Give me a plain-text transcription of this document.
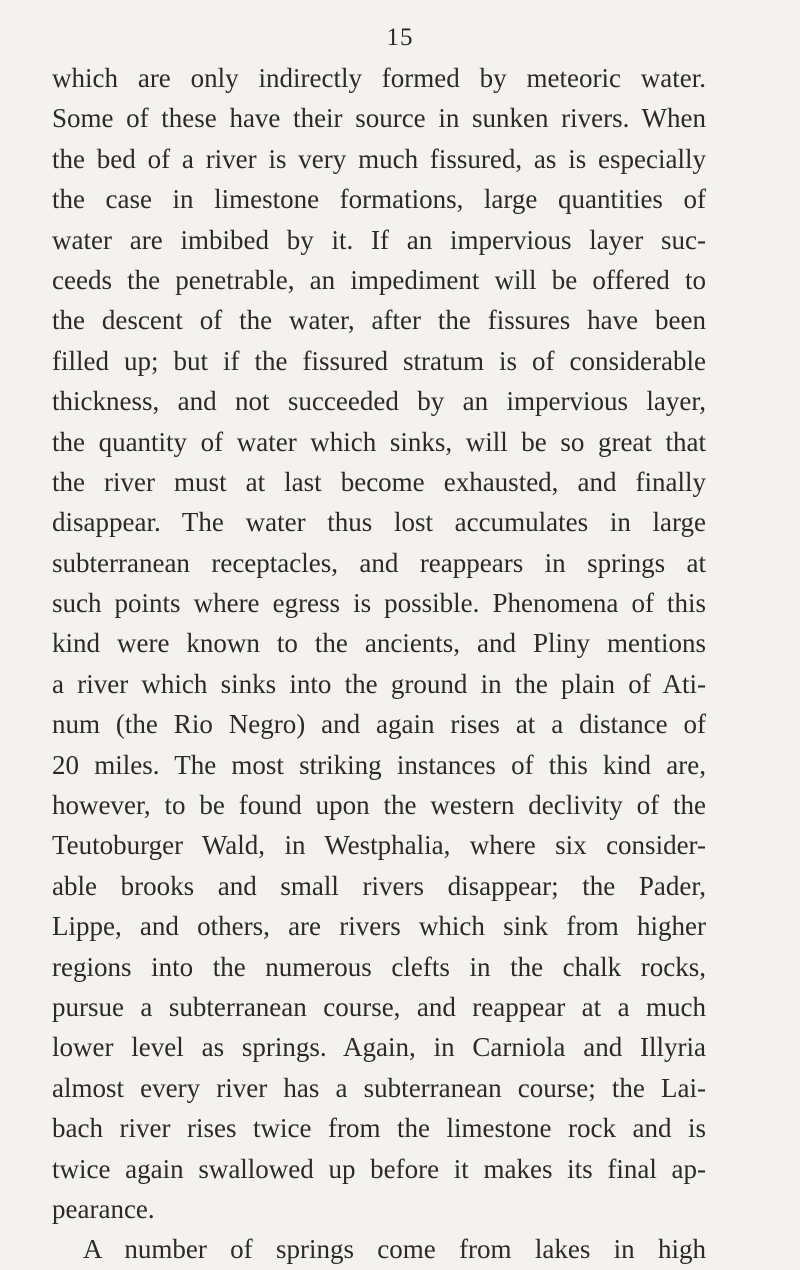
15
which are only indirectly formed by meteoric water.
Some of these have their source in sunken rivers. When
the bed of a river is very much fissured, as is especially
the case in limestone formations, large quantities of
water are imbibed by it. If an impervious layer suc-
ceeds the penetrable, an impediment will be offered to
the descent of the water, after the fissures have been
filled up; but if the fissured stratum is of considerable
thickness, and not succeeded by an impervious layer,
the quantity of water which sinks, will be so great that
the river must at last become exhausted, and finally
disappear. The water thus lost accumulates in large
subterranean receptacles, and reappears in springs at
such points where egress is possible. Phenomena of this
kind were known to the ancients, and Pliny mentions
a river which sinks into the ground in the plain of Ati-
num (the Rio Negro) and again rises at a distance of
20 miles. The most striking instances of this kind are,
however, to be found upon the western declivity of the
Teutoburger Wald, in Westphalia, where six consider-
able brooks and small rivers disappear; the Pader,
Lippe, and others, are rivers which sink from higher
regions into the numerous clefts in the chalk rocks,
pursue a subterranean course, and reappear at a much
lower level as springs. Again, in Carniola and Illyria
almost every river has a subterranean course; the Lai-
bach river rises twice from the limestone rock and is
twice again swallowed up before it makes its final ap-
pearance.
A number of springs come from lakes in high
